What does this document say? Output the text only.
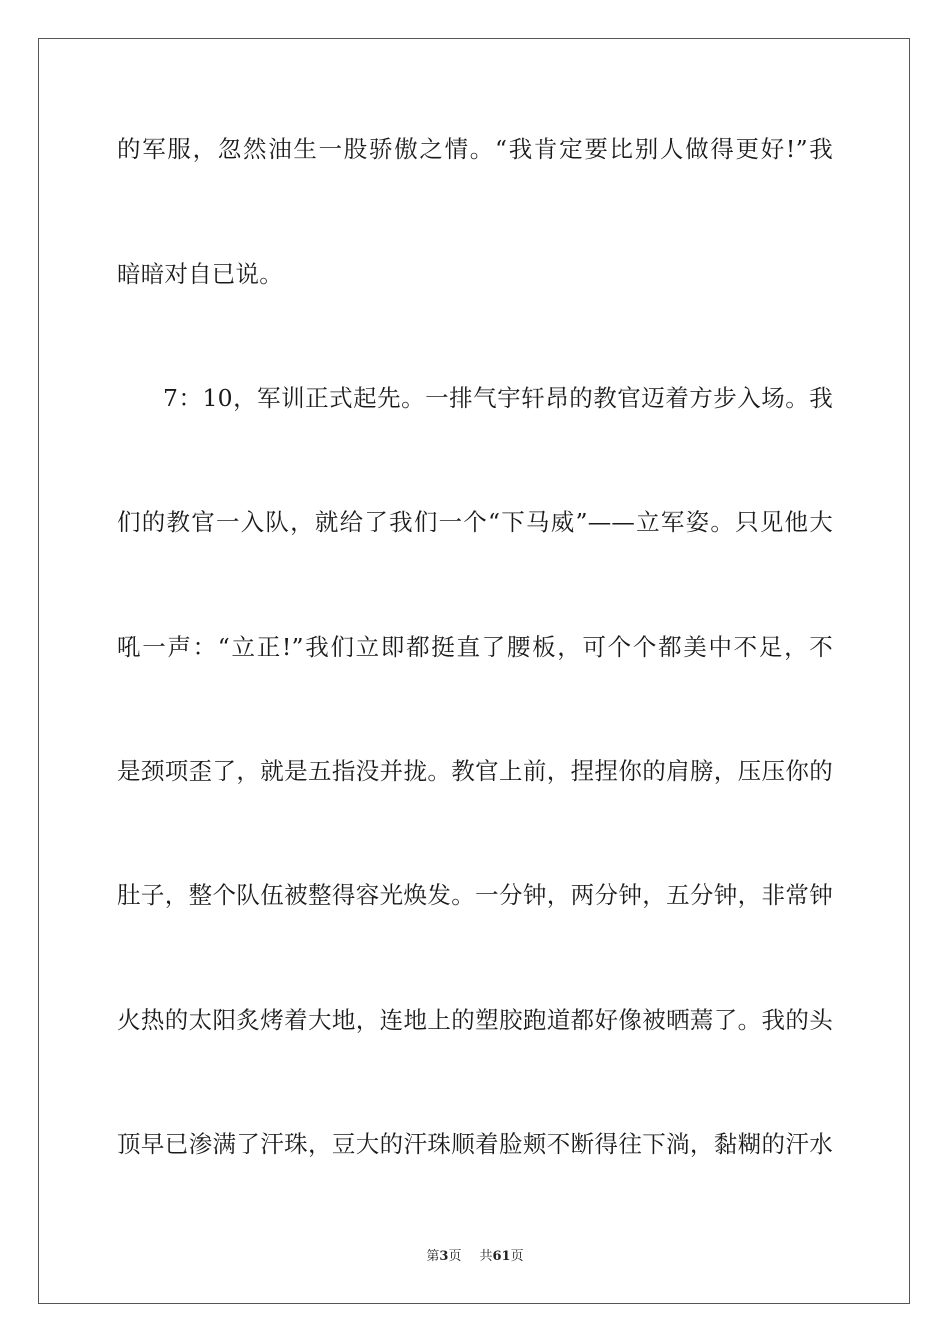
的军服，忽然油生一股骄傲之情。“我肯定要比别人做得更好!”我
暗暗对自已说。
7：10，军训正式起先。一排气宇轩昂的教官迈着方步入场。我
们的教官一入队，就给了我们一个“下马威”——立军姿。只见他大
吼一声：“立正!”我们立即都挺直了腰板，可个个都美中不足，不
是颈项歪了，就是五指没并拢。教官上前，捏捏你的肩膀，压压你的
肚子，整个队伍被整得容光焕发。一分钟，两分钟，五分钟，非常钟
火热的太阳炙烤着大地，连地上的塑胶跑道都好像被晒蔫了。我的头
顶早已渗满了汗珠，豆大的汗珠顺着脸颊不断得往下淌，黏糊的汗水
第3页 共61页
